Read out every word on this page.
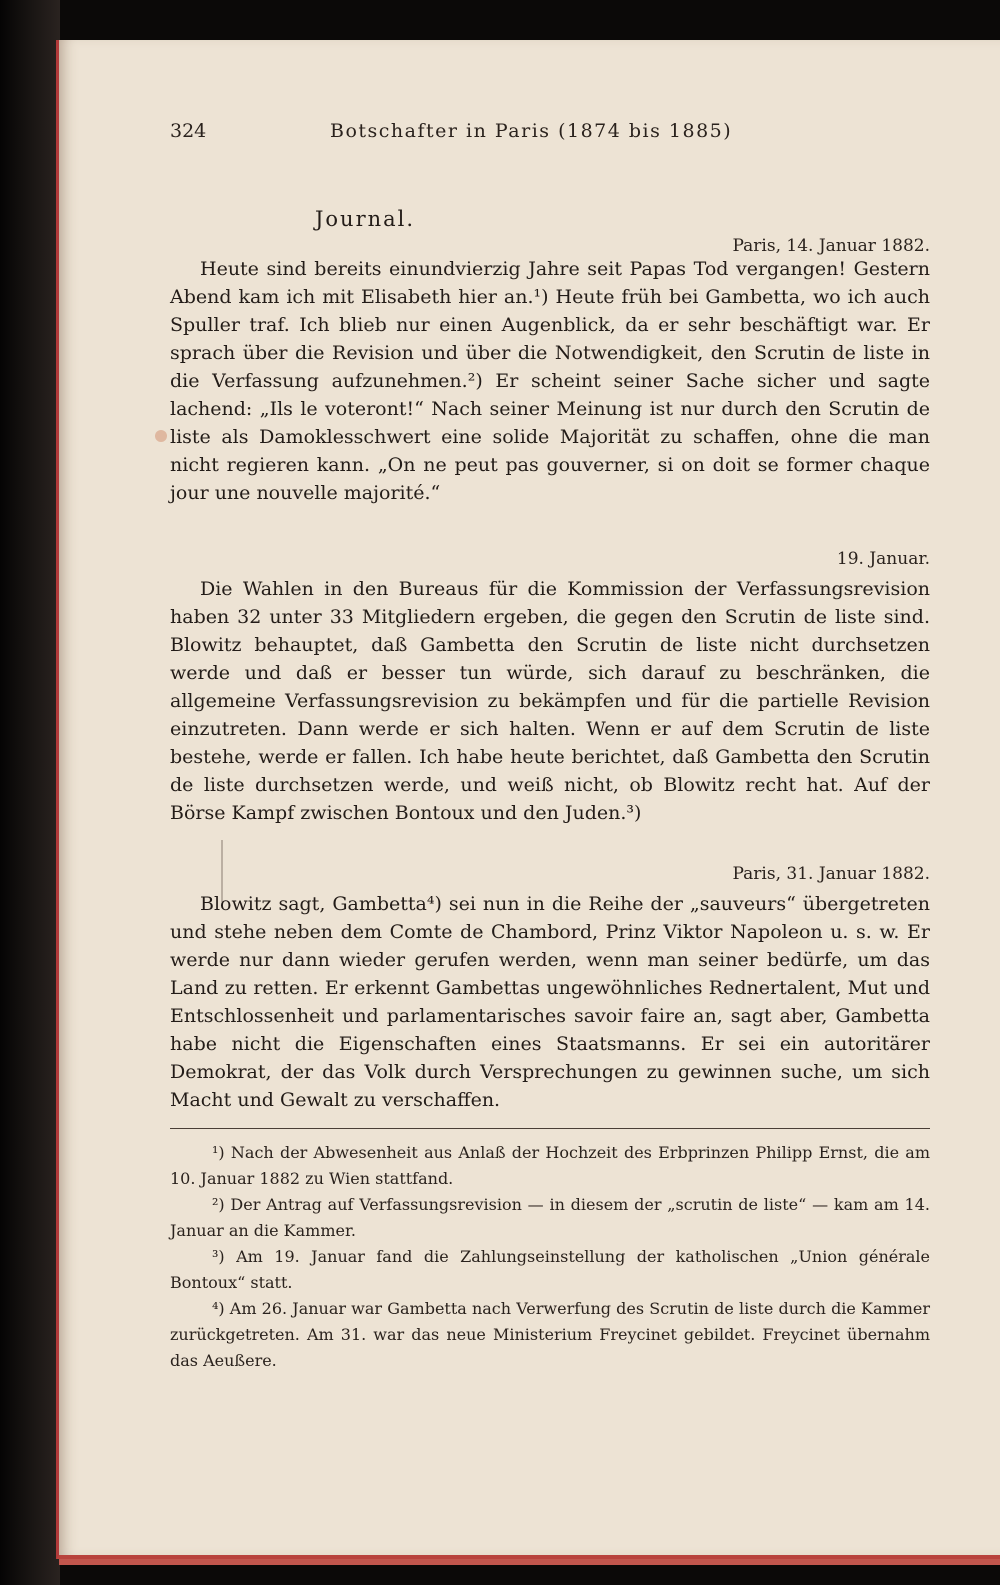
324	Botschafter in Paris (1874 bis 1885)
Journal.
Paris, 14. Januar 1882.

Heute sind bereits einundvierzig Jahre seit Papas Tod vergangen! Gestern Abend kam ich mit Elisabeth hier an.¹) Heute früh bei Gambetta, wo ich auch Spuller traf. Ich blieb nur einen Augenblick, da er sehr beschäftigt war. Er sprach über die Revision und über die Notwendigkeit, den Scrutin de liste in die Verfassung aufzunehmen.²) Er scheint seiner Sache sicher und sagte lachend: „Ils le voteront!“ Nach seiner Meinung ist nur durch den Scrutin de liste als Damoklesschwert eine solide Majorität zu schaffen, ohne die man nicht regieren kann. „On ne peut pas gouverner, si on doit se former chaque jour une nouvelle majorité.“

19. Januar.

Die Wahlen in den Bureaus für die Kommission der Verfassungsrevision haben 32 unter 33 Mitgliedern ergeben, die gegen den Scrutin de liste sind. Blowitz behauptet, daß Gambetta den Scrutin de liste nicht durchsetzen werde und daß er besser tun würde, sich darauf zu beschränken, die allgemeine Verfassungsrevision zu bekämpfen und für die partielle Revision einzutreten. Dann werde er sich halten. Wenn er auf dem Scrutin de liste bestehe, werde er fallen. Ich habe heute berichtet, daß Gambetta den Scrutin de liste durchsetzen werde, und weiß nicht, ob Blowitz recht hat. Auf der Börse Kampf zwischen Bontoux und den Juden.³)

Paris, 31. Januar 1882.

Blowitz sagt, Gambetta⁴) sei nun in die Reihe der „sauveurs“ übergetreten und stehe neben dem Comte de Chambord, Prinz Viktor Napoleon u. s. w. Er werde nur dann wieder gerufen werden, wenn man seiner bedürfe, um das Land zu retten. Er erkennt Gambettas ungewöhnliches Rednertalent, Mut und Entschlossenheit und parlamentarisches savoir faire an, sagt aber, Gambetta habe nicht die Eigenschaften eines Staatsmanns. Er sei ein autoritärer Demokrat, der das Volk durch Versprechungen zu gewinnen suche, um sich Macht und Gewalt zu verschaffen.

¹) Nach der Abwesenheit aus Anlaß der Hochzeit des Erbprinzen Philipp Ernst, die am 10. Januar 1882 zu Wien stattfand.

²) Der Antrag auf Verfassungsrevision — in diesem der „scrutin de liste“ — kam am 14. Januar an die Kammer.

³) Am 19. Januar fand die Zahlungseinstellung der katholischen „Union générale Bontoux“ statt.

⁴) Am 26. Januar war Gambetta nach Verwerfung des Scrutin de liste durch die Kammer zurückgetreten. Am 31. war das neue Ministerium Freycinet gebildet. Freycinet übernahm das Aeußere.
